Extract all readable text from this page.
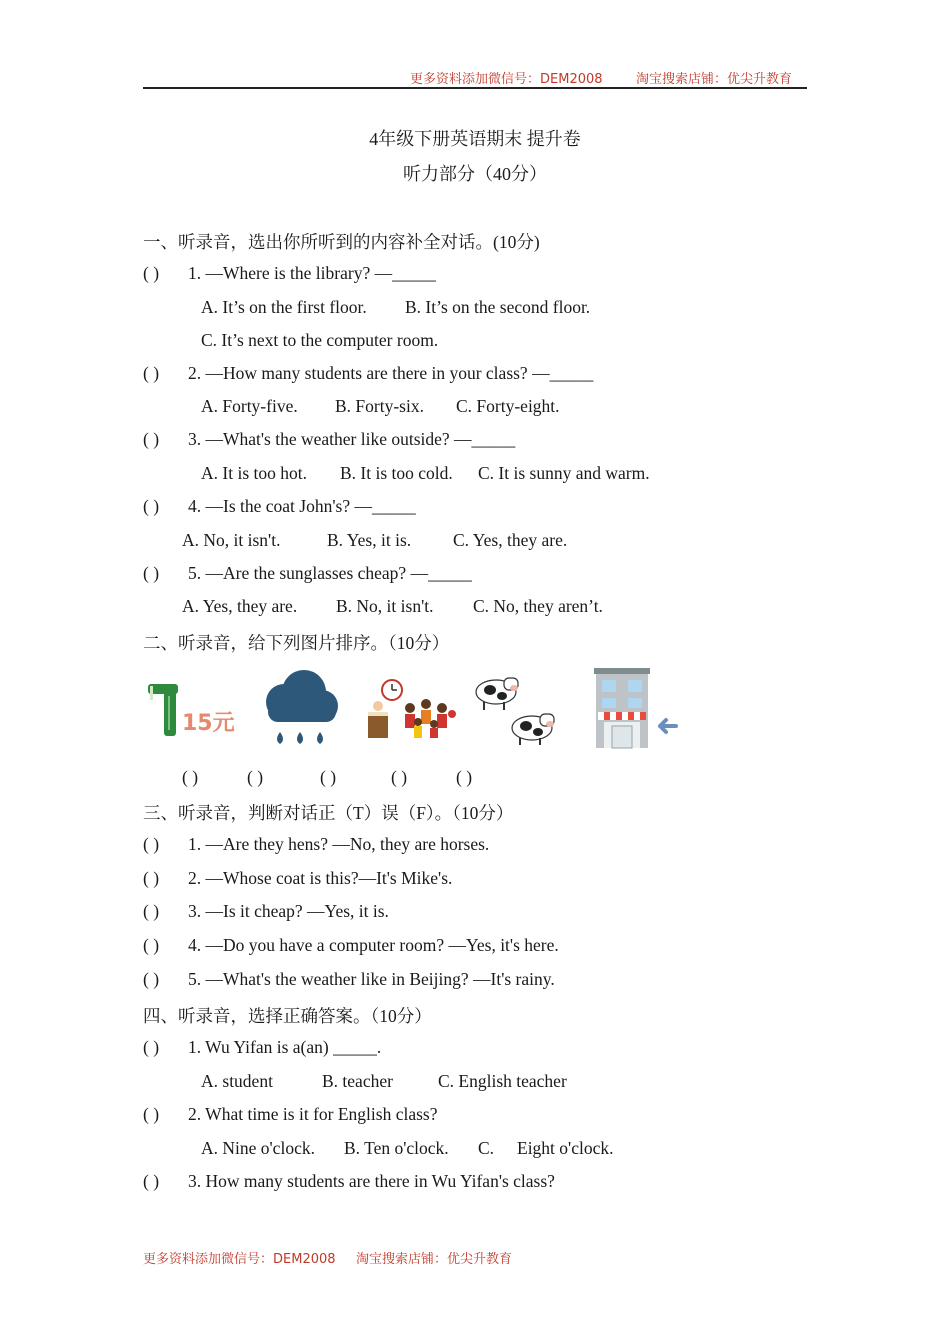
更多资料添加微信号：DEM2008	淘宝搜索店铺：优尖升教育
4年级下册英语期末 提升卷
听力部分（40分）
一、听录音，选出你所听到的内容补全对话。(10分)
( ) 1. —Where is the library? —_____
A. It’s on the first floor. B. It’s on the second floor.
C. It’s next to the computer room.
( ) 2. —How many students are there in your class? —_____
A. Forty-five. B. Forty-six. C. Forty-eight.
( ) 3. —What's the weather like outside? —_____
A. It is too hot. B. It is too cold. C. It is sunny and warm.
( ) 4. —Is the coat John's? —_____
A. No, it isn't.	B. Yes, it is. C. Yes, they are.
( ) 5. —Are the sunglasses cheap? —_____
A. Yes, they are. B. No, it isn't. C. No, they aren’t.
二、听录音，给下列图片排序。（10分）
15元
( )	( )	( )	( )	( )
三、听录音，判断对话正（T）误（F）。（10分）
( ) 1. —Are they hens? —No, they are horses.
( ) 2. —Whose coat is this?—It's Mike's.
( ) 3. —Is it cheap? —Yes, it is.
( ) 4. —Do you have a computer room? —Yes, it's here.
( ) 5. —What's the weather like in Beijing? —It's rainy.
四、听录音，选择正确答案。（10分）
( ) 1. Wu Yifan is a(an) _____.
A. student	B. teacher	C. English teacher
( ) 2. What time is it for English class?
A. Nine o'clock. B. Ten o'clock. C. Eight o'clock.
( ) 3. How many students are there in Wu Yifan's class?
更多资料添加微信号：DEM2008 淘宝搜索店铺：优尖升教育
